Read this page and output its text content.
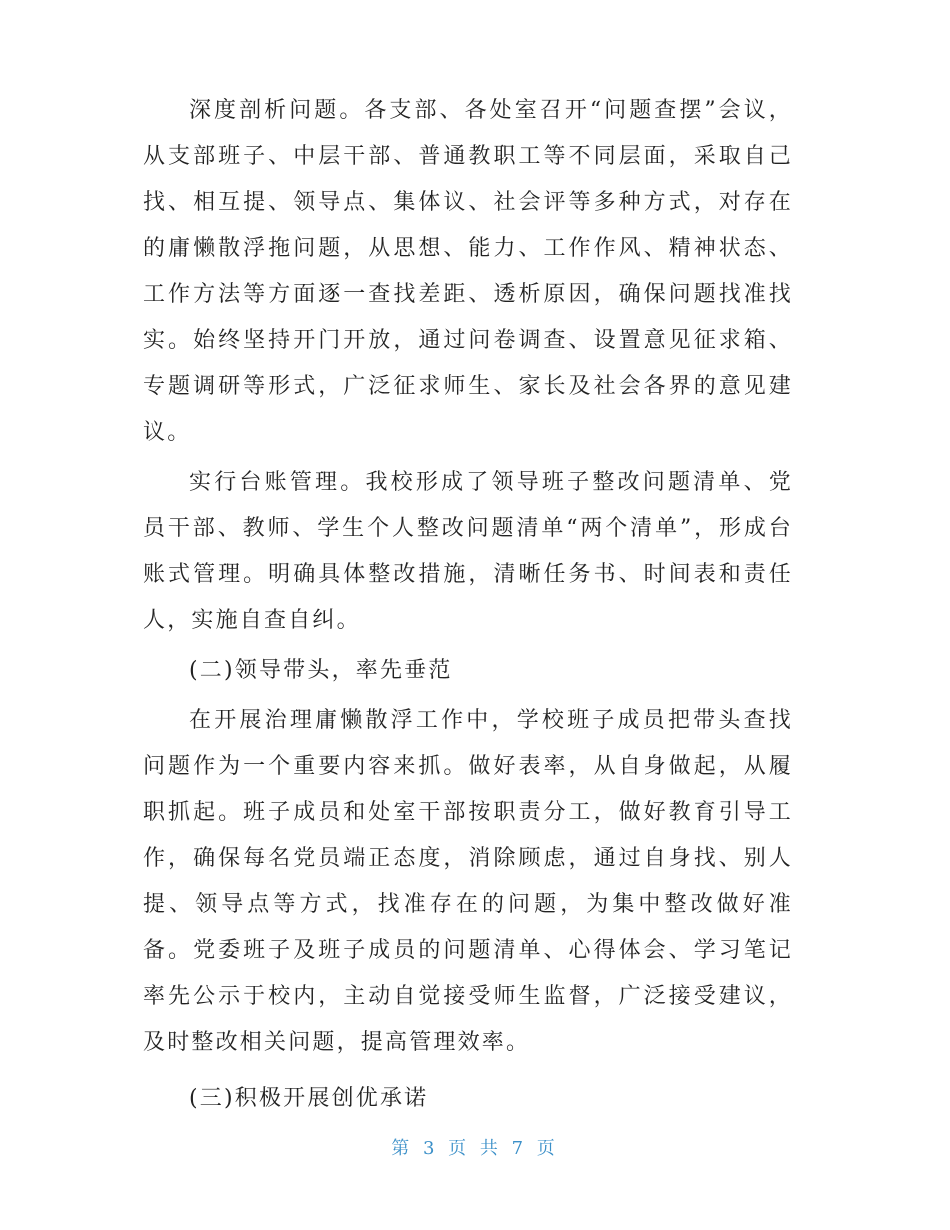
深度剖析问题。各支部、各处室召开“问题查摆”会议，从支部班子、中层干部、普通教职工等不同层面，采取自己找、相互提、领导点、集体议、社会评等多种方式，对存在的庸懒散浮拖问题，从思想、能力、工作作风、精神状态、工作方法等方面逐一查找差距、透析原因，确保问题找准找实。始终坚持开门开放，通过问卷调查、设置意见征求箱、专题调研等形式，广泛征求师生、家长及社会各界的意见建议。

实行台账管理。我校形成了领导班子整改问题清单、党员干部、教师、学生个人整改问题清单“两个清单”，形成台账式管理。明确具体整改措施，清晰任务书、时间表和责任人，实施自查自纠。

(二)领导带头，率先垂范

在开展治理庸懒散浮工作中，学校班子成员把带头查找问题作为一个重要内容来抓。做好表率，从自身做起，从履职抓起。班子成员和处室干部按职责分工，做好教育引导工作，确保每名党员端正态度，消除顾虑，通过自身找、别人提、领导点等方式，找准存在的问题，为集中整改做好准备。党委班子及班子成员的问题清单、心得体会、学习笔记率先公示于校内，主动自觉接受师生监督，广泛接受建议，及时整改相关问题，提高管理效率。

(三)积极开展创优承诺

第 3 页 共 7 页
